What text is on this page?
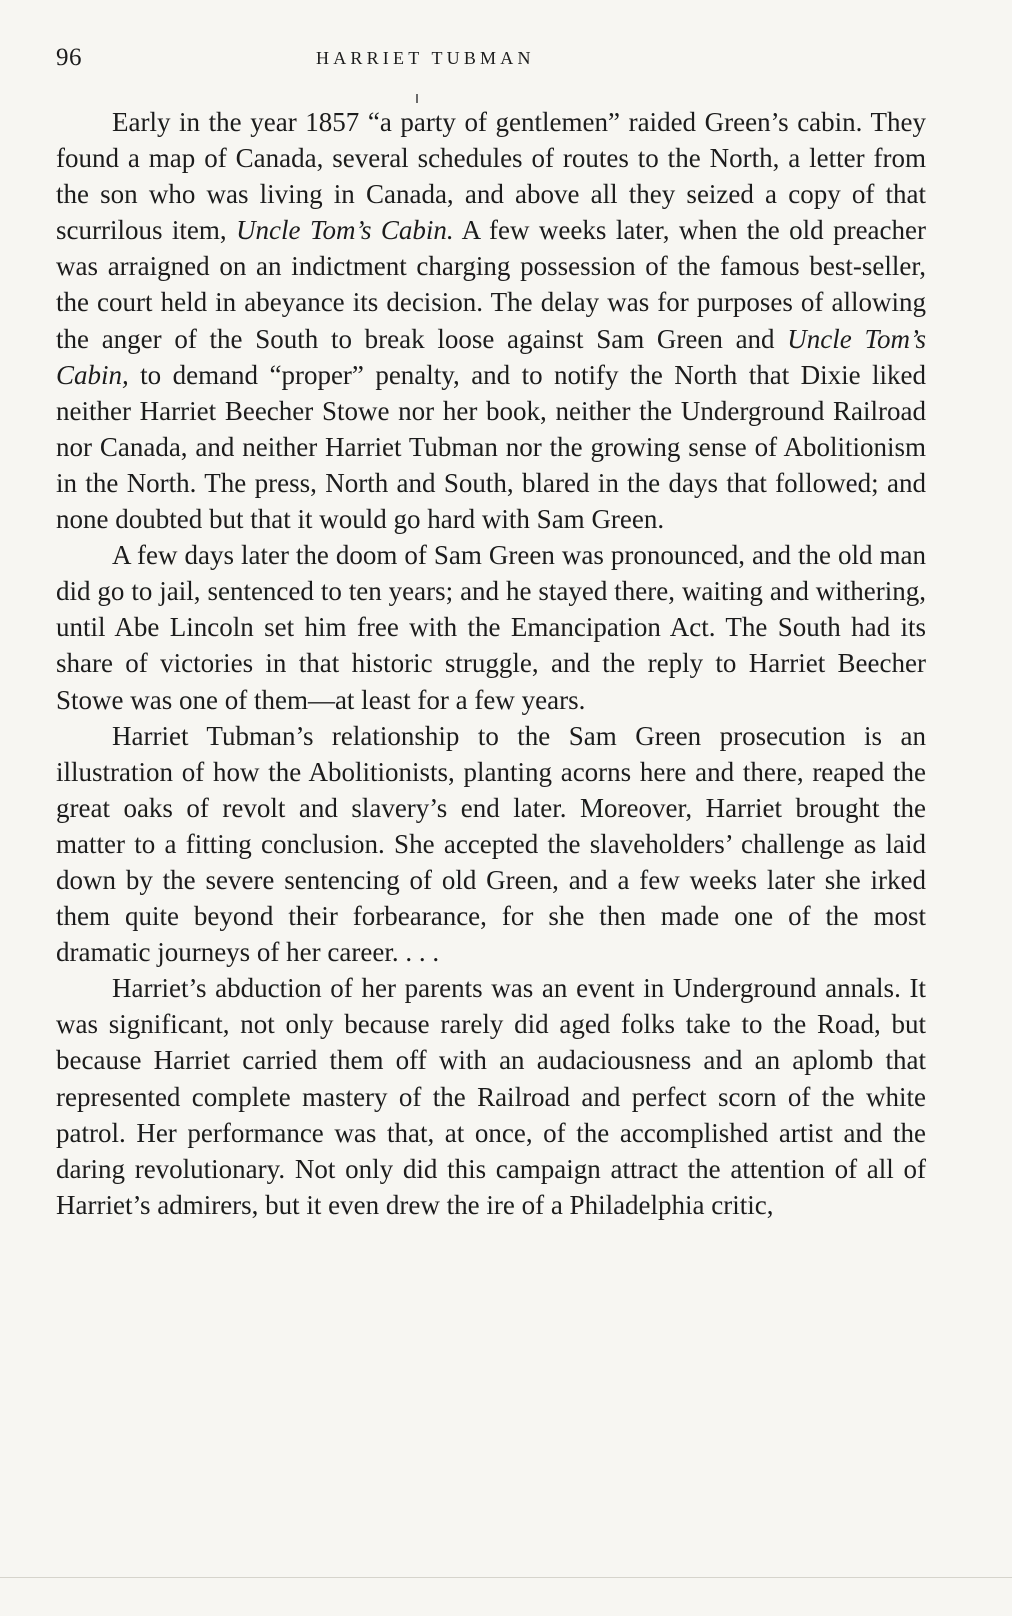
96	HARRIET TUBMAN

Early in the year 1857 “a party of gentlemen” raided Green’s cabin. They found a map of Canada, several schedules of routes to the North, a letter from the son who was living in Canada, and above all they seized a copy of that scurrilous item, Uncle Tom’s Cabin. A few weeks later, when the old preacher was arraigned on an indictment charging possession of the famous best-seller, the court held in abeyance its decision. The delay was for purposes of allowing the anger of the South to break loose against Sam Green and Uncle Tom’s Cabin, to demand “proper” penalty, and to notify the North that Dixie liked neither Harriet Beecher Stowe nor her book, neither the Underground Railroad nor Canada, and neither Harriet Tubman nor the growing sense of Abolitionism in the North. The press, North and South, blared in the days that followed; and none doubted but that it would go hard with Sam Green.

A few days later the doom of Sam Green was pronounced, and the old man did go to jail, sentenced to ten years; and he stayed there, waiting and withering, until Abe Lincoln set him free with the Emancipation Act. The South had its share of victories in that historic struggle, and the reply to Harriet Beecher Stowe was one of them—at least for a few years.

Harriet Tubman’s relationship to the Sam Green prosecution is an illustration of how the Abolitionists, planting acorns here and there, reaped the great oaks of revolt and slavery’s end later. Moreover, Harriet brought the matter to a fitting conclusion. She accepted the slaveholders’ challenge as laid down by the severe sentencing of old Green, and a few weeks later she irked them quite beyond their forbearance, for she then made one of the most dramatic journeys of her career. . . .

Harriet’s abduction of her parents was an event in Underground annals. It was significant, not only because rarely did aged folks take to the Road, but because Harriet carried them off with an audaciousness and an aplomb that represented complete mastery of the Railroad and perfect scorn of the white patrol. Her performance was that, at once, of the accomplished artist and the daring revolutionary. Not only did this campaign attract the attention of all of Harriet’s admirers, but it even drew the ire of a Philadelphia critic,
